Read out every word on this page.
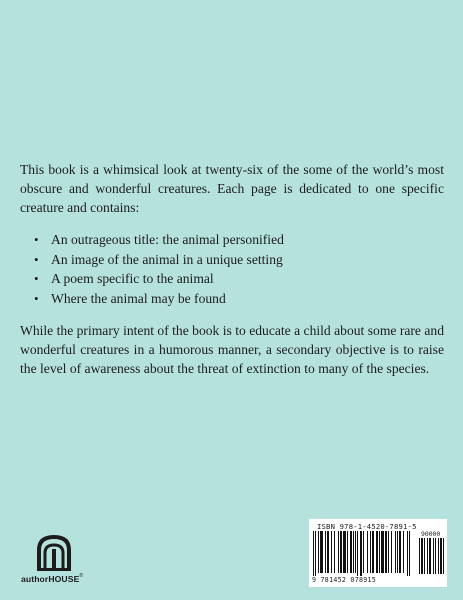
This book is a whimsical look at twenty-six of the some of the world’s most obscure and wonderful creatures. Each page is dedicated to one specific creature and contains:

• An outrageous title: the animal personified
• An image of the animal in a unique setting
• A poem specific to the animal
• Where the animal may be found

While the primary intent of the book is to educate a child about some rare and wonderful creatures in a humorous manner, a secondary objective is to raise the level of awareness about the threat of extinction to many of the species.

authorHOUSE®
ISBN 978-1-4520-7891-5
90000
9 781452 078915
